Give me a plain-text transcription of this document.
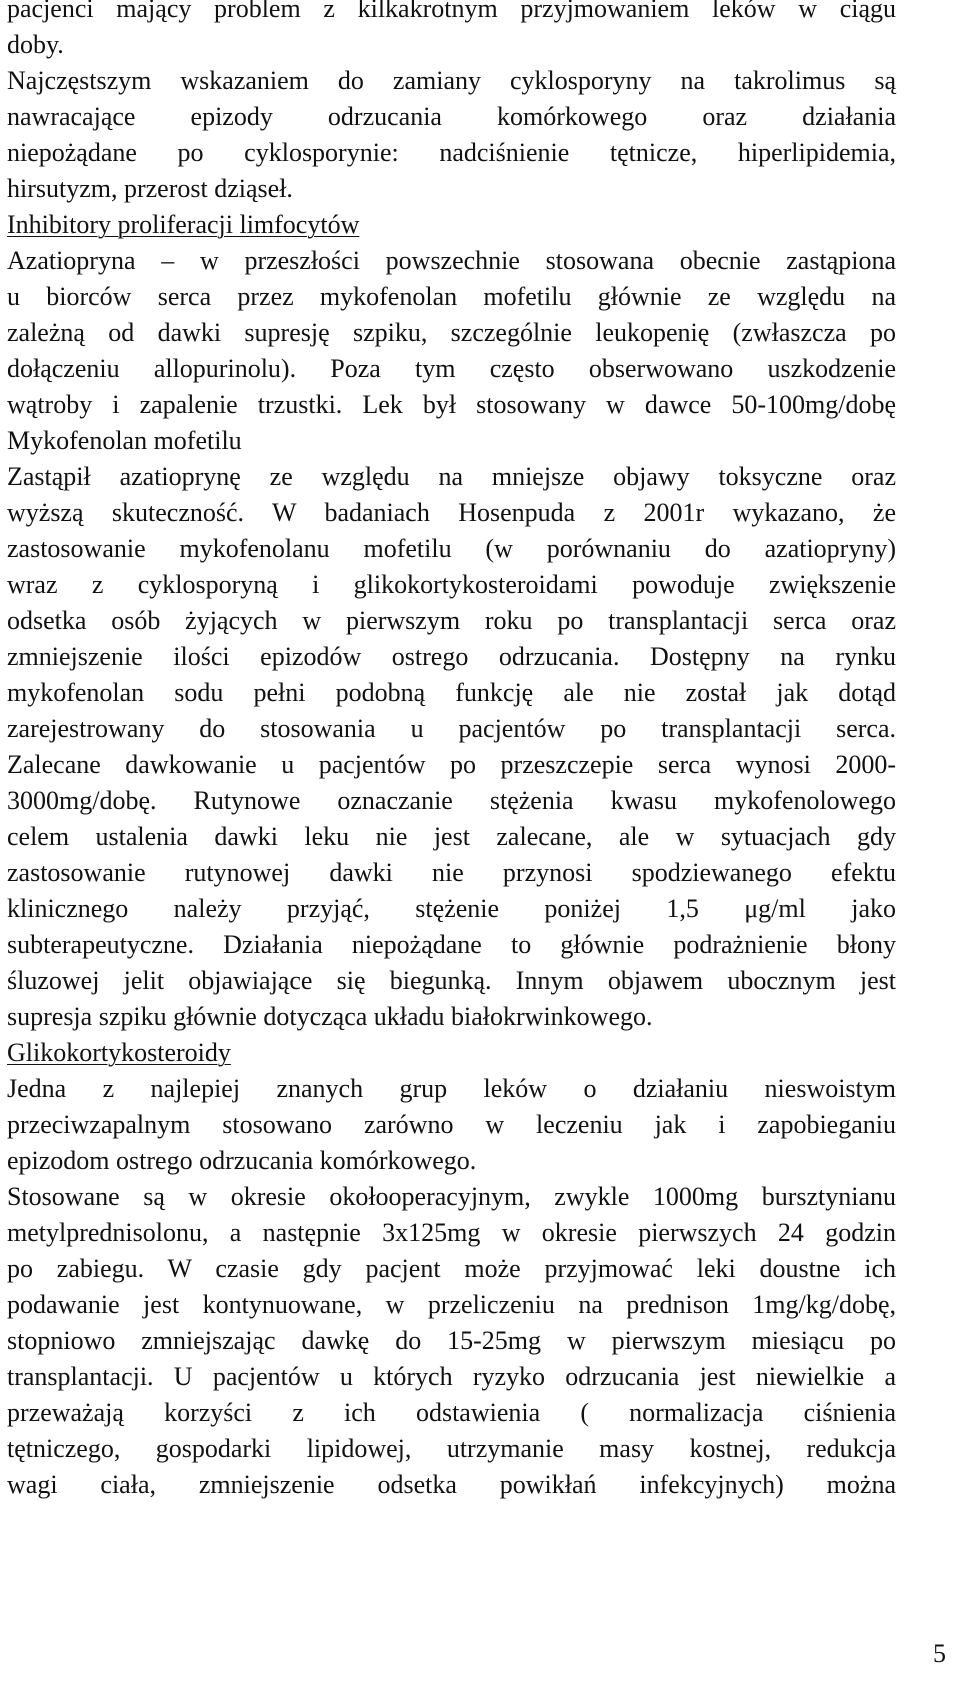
pacjenci mający problem z kilkakrotnym przyjmowaniem leków w ciągu
doby.
Najczęstszym wskazaniem do zamiany cyklosporyny na takrolimus są
nawracające epizody odrzucania komórkowego oraz działania
niepożądane po cyklosporynie: nadciśnienie tętnicze, hiperlipidemia,
hirsutyzm, przerost dziąseł.
Inhibitory proliferacji limfocytów
Azatiopryna – w przeszłości powszechnie stosowana obecnie zastąpiona
u biorców serca przez mykofenolan mofetilu głównie ze względu na
zależną od dawki supresję szpiku, szczególnie leukopenię (zwłaszcza po
dołączeniu allopurinolu). Poza tym często obserwowano uszkodzenie
wątroby i zapalenie trzustki. Lek był stosowany w dawce 50-100mg/dobę
Mykofenolan mofetilu
Zastąpił azatioprynę ze względu na mniejsze objawy toksyczne oraz
wyższą skuteczność. W badaniach Hosenpuda z 2001r wykazano, że
zastosowanie mykofenolanu mofetilu (w porównaniu do azatiopryny)
wraz z cyklosporyną i glikokortykosteroidami powoduje zwiększenie
odsetka osób żyjących w pierwszym roku po transplantacji serca oraz
zmniejszenie ilości epizodów ostrego odrzucania. Dostępny na rynku
mykofenolan sodu pełni podobną funkcję ale nie został jak dotąd
zarejestrowany do stosowania u pacjentów po transplantacji serca.
Zalecane dawkowanie u pacjentów po przeszczepie serca wynosi 2000-
3000mg/dobę. Rutynowe oznaczanie stężenia kwasu mykofenolowego
celem ustalenia dawki leku nie jest zalecane, ale w sytuacjach gdy
zastosowanie rutynowej dawki nie przynosi spodziewanego efektu
klinicznego należy przyjąć, stężenie poniżej 1,5 μg/ml jako
subterapeutyczne. Działania niepożądane to głównie podrażnienie błony
śluzowej jelit objawiające się biegunką. Innym objawem ubocznym jest
supresja szpiku głównie dotycząca układu białokrwinkowego.
Glikokortykosteroidy
Jedna z najlepiej znanych grup leków o działaniu nieswoistym
przeciwzapalnym stosowano zarówno w leczeniu jak i zapobieganiu
epizodom ostrego odrzucania komórkowego.
Stosowane są w okresie okołooperacyjnym, zwykle 1000mg bursztynianu
metylprednisolonu, a następnie 3x125mg w okresie pierwszych 24 godzin
po zabiegu. W czasie gdy pacjent może przyjmować leki doustne ich
podawanie jest kontynuowane, w przeliczeniu na prednison 1mg/kg/dobę,
stopniowo zmniejszając dawkę do 15-25mg w pierwszym miesiącu po
transplantacji. U pacjentów u których ryzyko odrzucania jest niewielkie a
przeważają korzyści z ich odstawienia ( normalizacja ciśnienia
tętniczego, gospodarki lipidowej, utrzymanie masy kostnej, redukcja
wagi ciała, zmniejszenie odsetka powikłań infekcyjnych) można
5
